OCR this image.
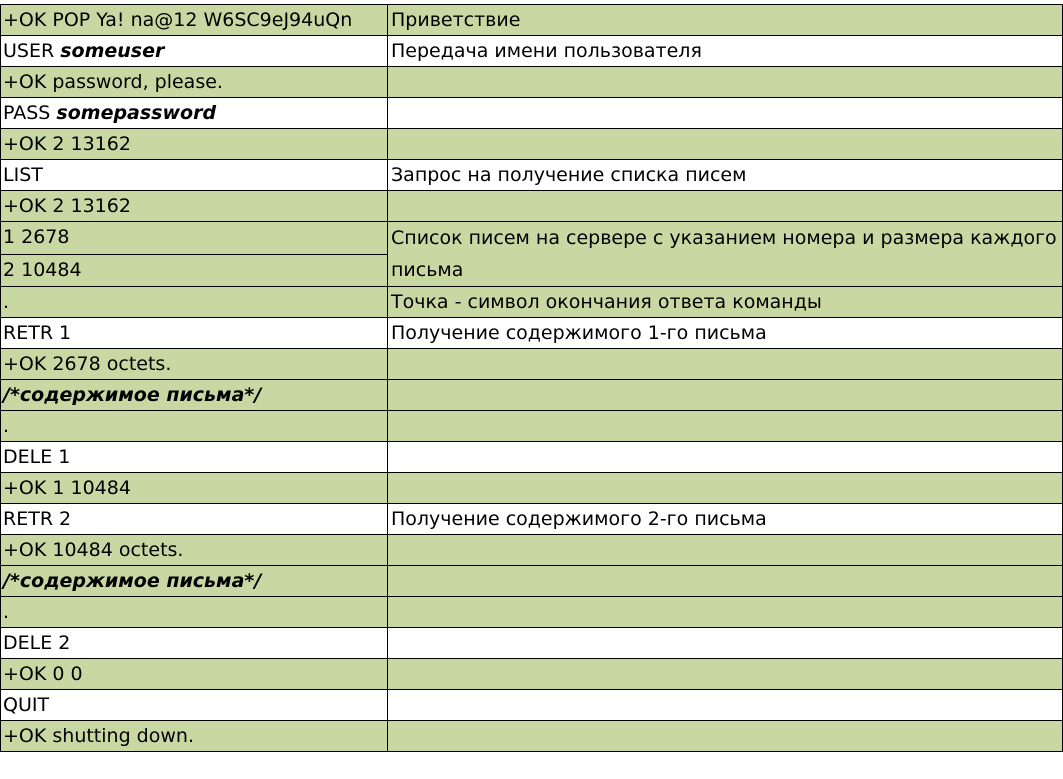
+OK POP Ya! na@12 W6SC9eJ94uQn	Приветствие
USER someuser	Передача имени пользователя
+OK password, please.	
PASS somepassword	
+OK 2 13162	
LIST	Запрос на получение списка писем
+OK 2 13162	
1 2678	Список писем на сервере с указанием номера и размера каждого письма
2 10484	
.	Точка - символ окончания ответа команды
RETR 1	Получение содержимого 1-го письма
+OK 2678 octets.	
/*содержимое письма*/	
.	
DELE 1	
+OK 1 10484	
RETR 2	Получение содержимого 2-го письма
+OK 10484 octets.	
/*содержимое письма*/	
.	
DELE 2	
+OK 0 0	
QUIT	
+OK shutting down.	
